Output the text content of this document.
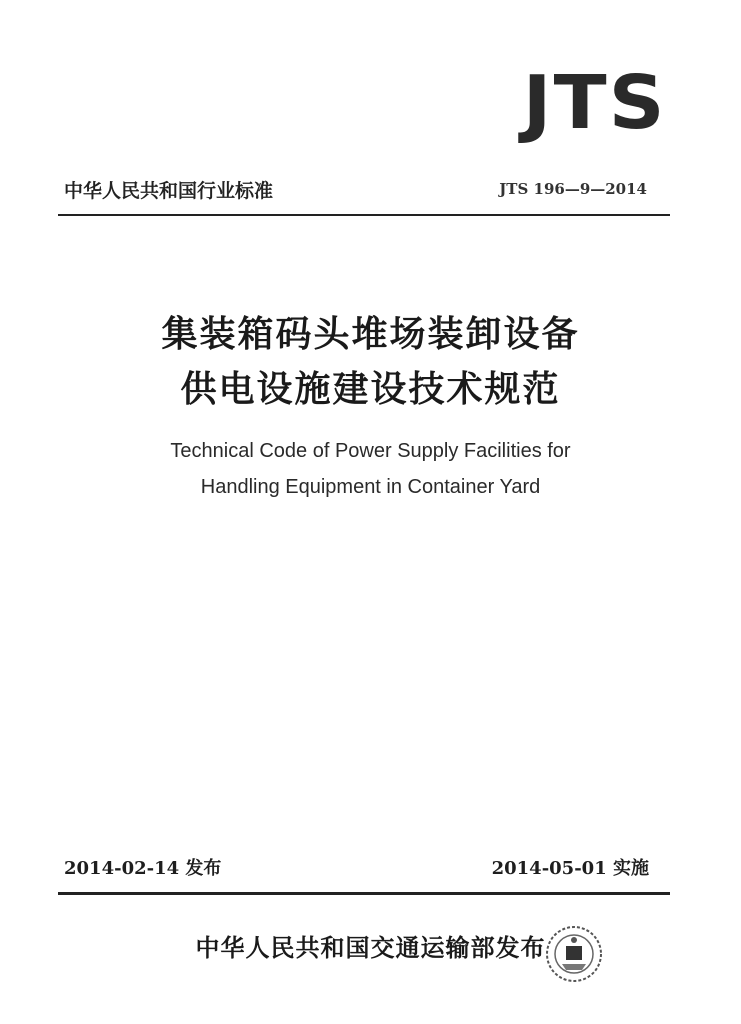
JTS
中华人民共和国行业标准	JTS 196—9—2014
集装箱码头堆场装卸设备
供电设施建设技术规范
Technical Code of Power Supply Facilities for
Handling Equipment in Container Yard
2014-02-14 发布	2014-05-01 实施
中华人民共和国交通运输部发布
